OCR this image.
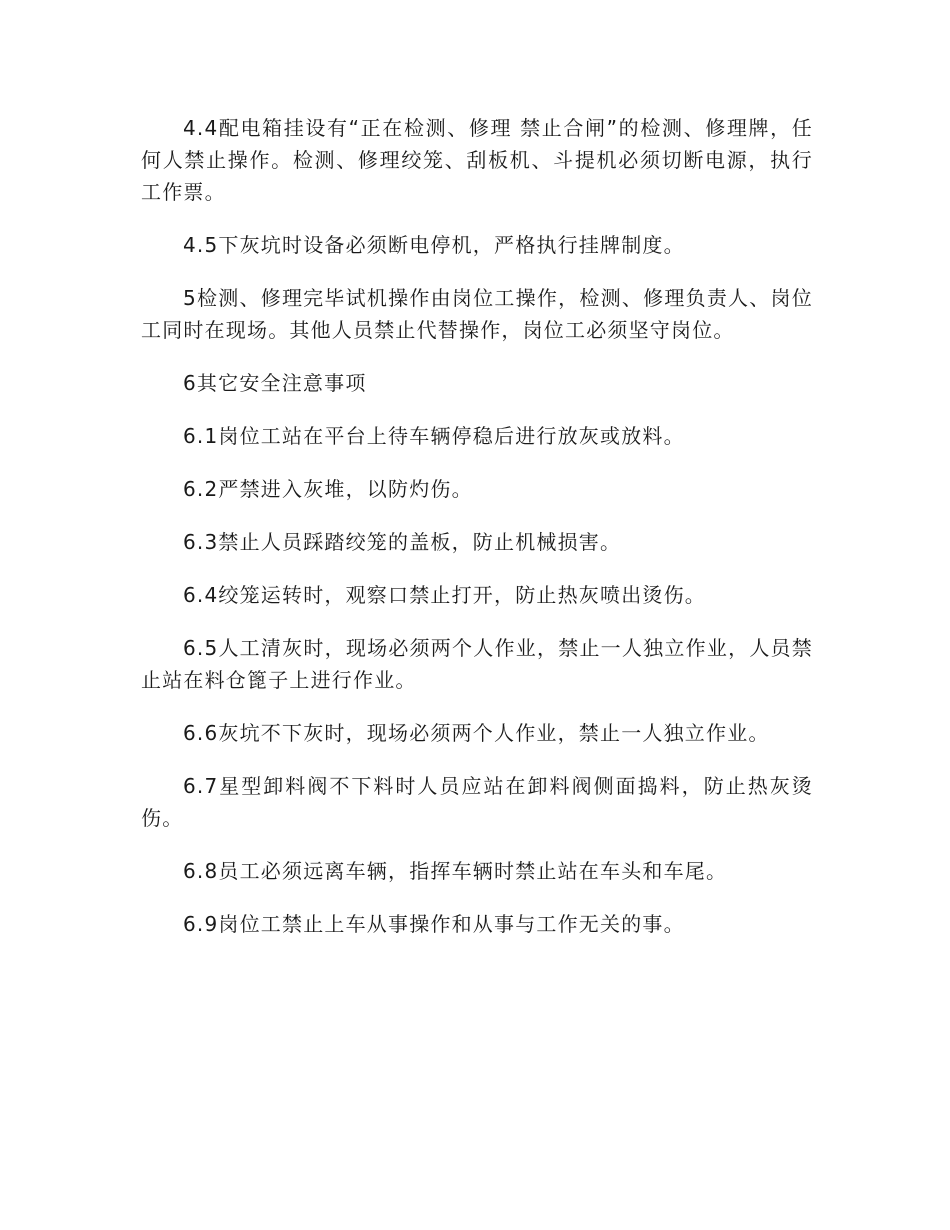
4.4配电箱挂设有“正在检测、修理 禁止合闸”的检测、修理牌，任何人禁止操作。检测、修理绞笼、刮板机、斗提机必须切断电源，执行工作票。

4.5下灰坑时设备必须断电停机，严格执行挂牌制度。

5检测、修理完毕试机操作由岗位工操作，检测、修理负责人、岗位工同时在现场。其他人员禁止代替操作，岗位工必须坚守岗位。

6其它安全注意事项

6.1岗位工站在平台上待车辆停稳后进行放灰或放料。

6.2严禁进入灰堆，以防灼伤。

6.3禁止人员踩踏绞笼的盖板，防止机械损害。

6.4绞笼运转时，观察口禁止打开，防止热灰喷出烫伤。

6.5人工清灰时，现场必须两个人作业，禁止一人独立作业，人员禁止站在料仓篦子上进行作业。

6.6灰坑不下灰时，现场必须两个人作业，禁止一人独立作业。

6.7星型卸料阀不下料时人员应站在卸料阀侧面捣料，防止热灰烫伤。

6.8员工必须远离车辆，指挥车辆时禁止站在车头和车尾。

6.9岗位工禁止上车从事操作和从事与工作无关的事。
